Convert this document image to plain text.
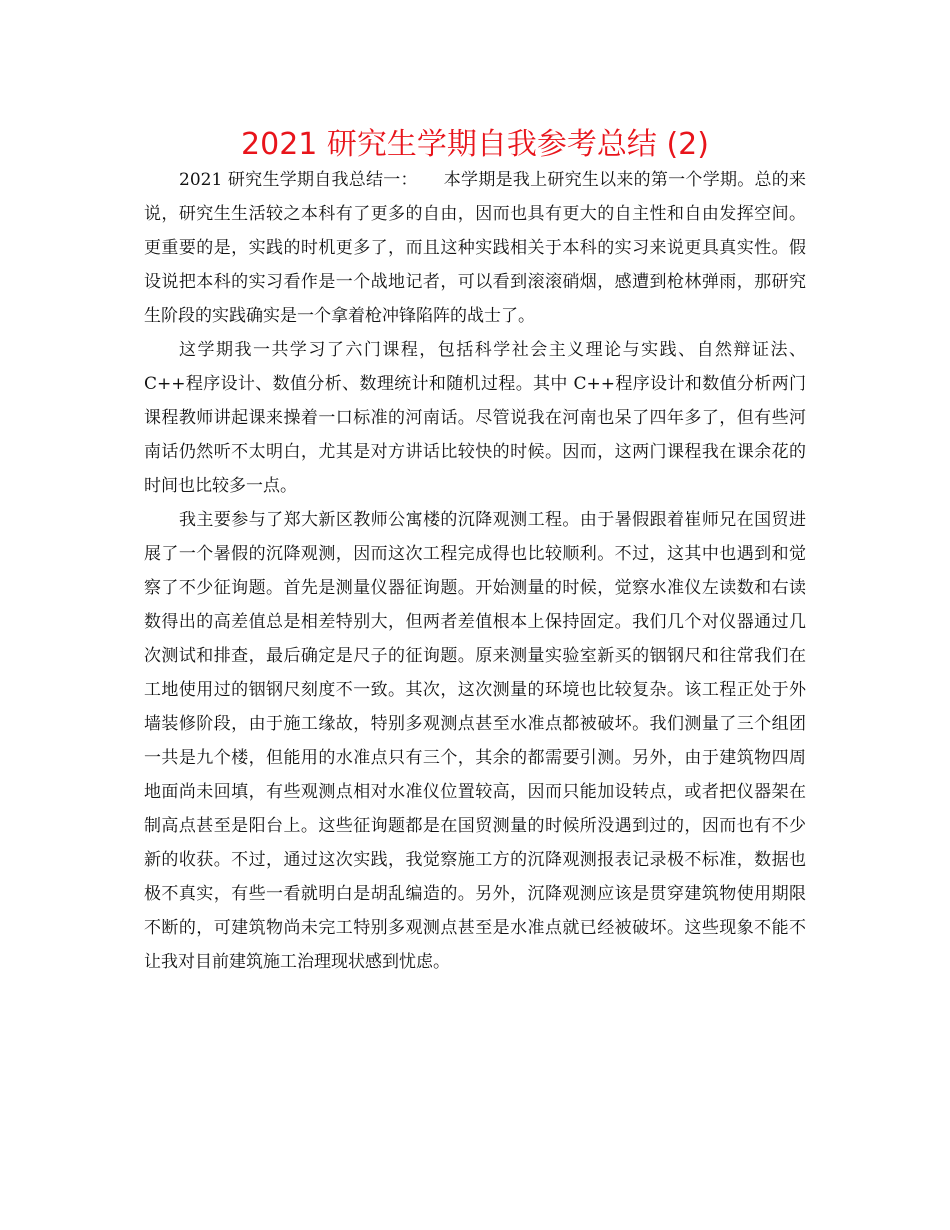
2021 研究生学期自我参考总结 (2)

2021 研究生学期自我总结一：　　本学期是我上研究生以来的第一个学期。总的来说，研究生生活较之本科有了更多的自由，因而也具有更大的自主性和自由发挥空间。更重要的是，实践的时机更多了，而且这种实践相关于本科的实习来说更具真实性。假设说把本科的实习看作是一个战地记者，可以看到滚滚硝烟，感遭到枪林弹雨，那研究生阶段的实践确实是一个拿着枪冲锋陷阵的战士了。

这学期我一共学习了六门课程，包括科学社会主义理论与实践、自然辩证法、C++程序设计、数值分析、数理统计和随机过程。其中 C++程序设计和数值分析两门课程教师讲起课来操着一口标准的河南话。尽管说我在河南也呆了四年多了，但有些河南话仍然听不太明白，尤其是对方讲话比较快的时候。因而，这两门课程我在课余花的时间也比较多一点。

我主要参与了郑大新区教师公寓楼的沉降观测工程。由于暑假跟着崔师兄在国贸进展了一个暑假的沉降观测，因而这次工程完成得也比较顺利。不过，这其中也遇到和觉察了不少征询题。首先是测量仪器征询题。开始测量的时候，觉察水准仪左读数和右读数得出的高差值总是相差特别大，但两者差值根本上保持固定。我们几个对仪器通过几次测试和排查，最后确定是尺子的征询题。原来测量实验室新买的铟钢尺和往常我们在工地使用过的铟钢尺刻度不一致。其次，这次测量的环境也比较复杂。该工程正处于外墙装修阶段，由于施工缘故，特别多观测点甚至水准点都被破坏。我们测量了三个组团一共是九个楼，但能用的水准点只有三个，其余的都需要引测。另外，由于建筑物四周地面尚未回填，有些观测点相对水准仪位置较高，因而只能加设转点，或者把仪器架在制高点甚至是阳台上。这些征询题都是在国贸测量的时候所没遇到过的，因而也有不少新的收获。不过，通过这次实践，我觉察施工方的沉降观测报表记录极不标准，数据也极不真实，有些一看就明白是胡乱编造的。另外，沉降观测应该是贯穿建筑物使用期限不断的，可建筑物尚未完工特别多观测点甚至是水准点就已经被破坏。这些现象不能不让我对目前建筑施工治理现状感到忧虑。
